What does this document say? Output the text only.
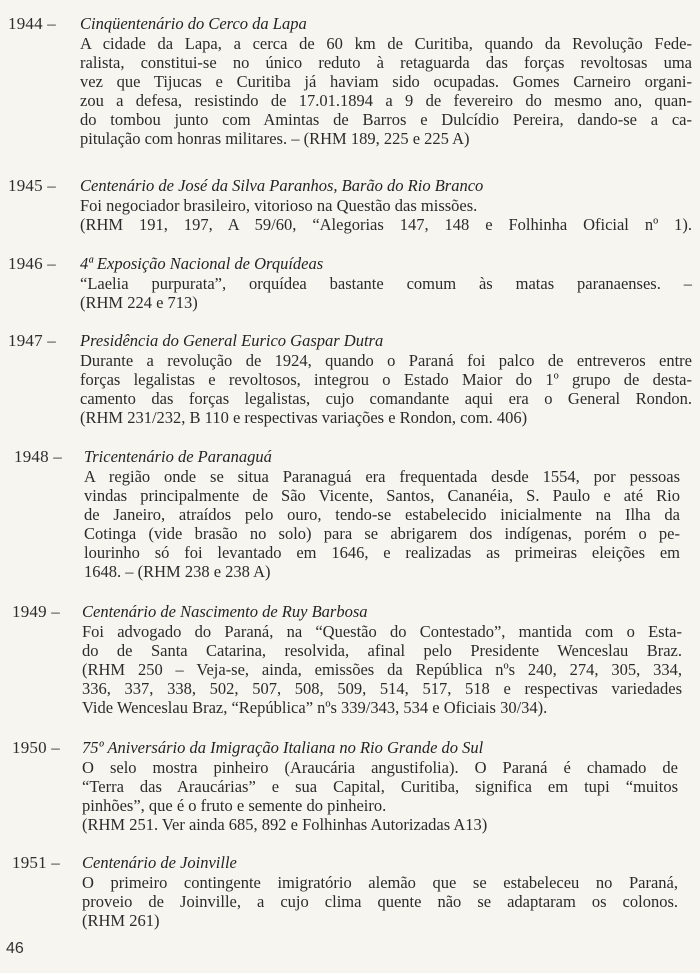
1944 – Cinqüentenário do Cerco da Lapa
A cidade da Lapa, a cerca de 60 km de Curitiba, quando da Revolução Fede-
ralista, constitui-se no único reduto à retaguarda das forças revoltosas uma
vez que Tijucas e Curitiba já haviam sido ocupadas. Gomes Carneiro organi-
zou a defesa, resistindo de 17.01.1894 a 9 de fevereiro do mesmo ano, quan-
do tombou junto com Amintas de Barros e Dulcídio Pereira, dando-se a ca-
pitulação com honras militares. – (RHM 189, 225 e 225 A)
1945 – Centenário de José da Silva Paranhos, Barão do Rio Branco
Foi negociador brasileiro, vitorioso na Questão das missões.
(RHM 191, 197, A 59/60, “Alegorias 147, 148 e Folhinha Oficial nº 1).
1946 – 4ª Exposição Nacional de Orquídeas
“Laelia purpurata”, orquídea bastante comum às matas paranaenses. –
(RHM 224 e 713)
1947 – Presidência do General Eurico Gaspar Dutra
Durante a revolução de 1924, quando o Paraná foi palco de entreveros entre
forças legalistas e revoltosos, integrou o Estado Maior do 1º grupo de desta-
camento das forças legalistas, cujo comandante aqui era o General Rondon.
(RHM 231/232, B 110 e respectivas variações e Rondon, com. 406)
1948 – Tricentenário de Paranaguá
A região onde se situa Paranaguá era frequentada desde 1554, por pessoas
vindas principalmente de São Vicente, Santos, Cananéia, S. Paulo e até Rio
de Janeiro, atraídos pelo ouro, tendo-se estabelecido inicialmente na Ilha da
Cotinga (vide brasão no solo) para se abrigarem dos indígenas, porém o pe-
lourinho só foi levantado em 1646, e realizadas as primeiras eleições em
1648. – (RHM 238 e 238 A)
1949 – Centenário de Nascimento de Ruy Barbosa
Foi advogado do Paraná, na “Questão do Contestado”, mantida com o Esta-
do de Santa Catarina, resolvida, afinal pelo Presidente Wenceslau Braz.
(RHM 250 – Veja-se, ainda, emissões da República nºs 240, 274, 305, 334,
336, 337, 338, 502, 507, 508, 509, 514, 517, 518 e respectivas variedades
Vide Wenceslau Braz, “República” nºs 339/343, 534 e Oficiais 30/34).
1950 – 75º Aniversário da Imigração Italiana no Rio Grande do Sul
O selo mostra pinheiro (Araucária angustifolia). O Paraná é chamado de
“Terra das Araucárias” e sua Capital, Curitiba, significa em tupi “muitos
pinhões”, que é o fruto e semente do pinheiro.
(RHM 251. Ver ainda 685, 892 e Folhinhas Autorizadas A13)
1951 – Centenário de Joinville
O primeiro contingente imigratório alemão que se estabeleceu no Paraná,
proveio de Joinville, a cujo clima quente não se adaptaram os colonos.
(RHM 261)
46
